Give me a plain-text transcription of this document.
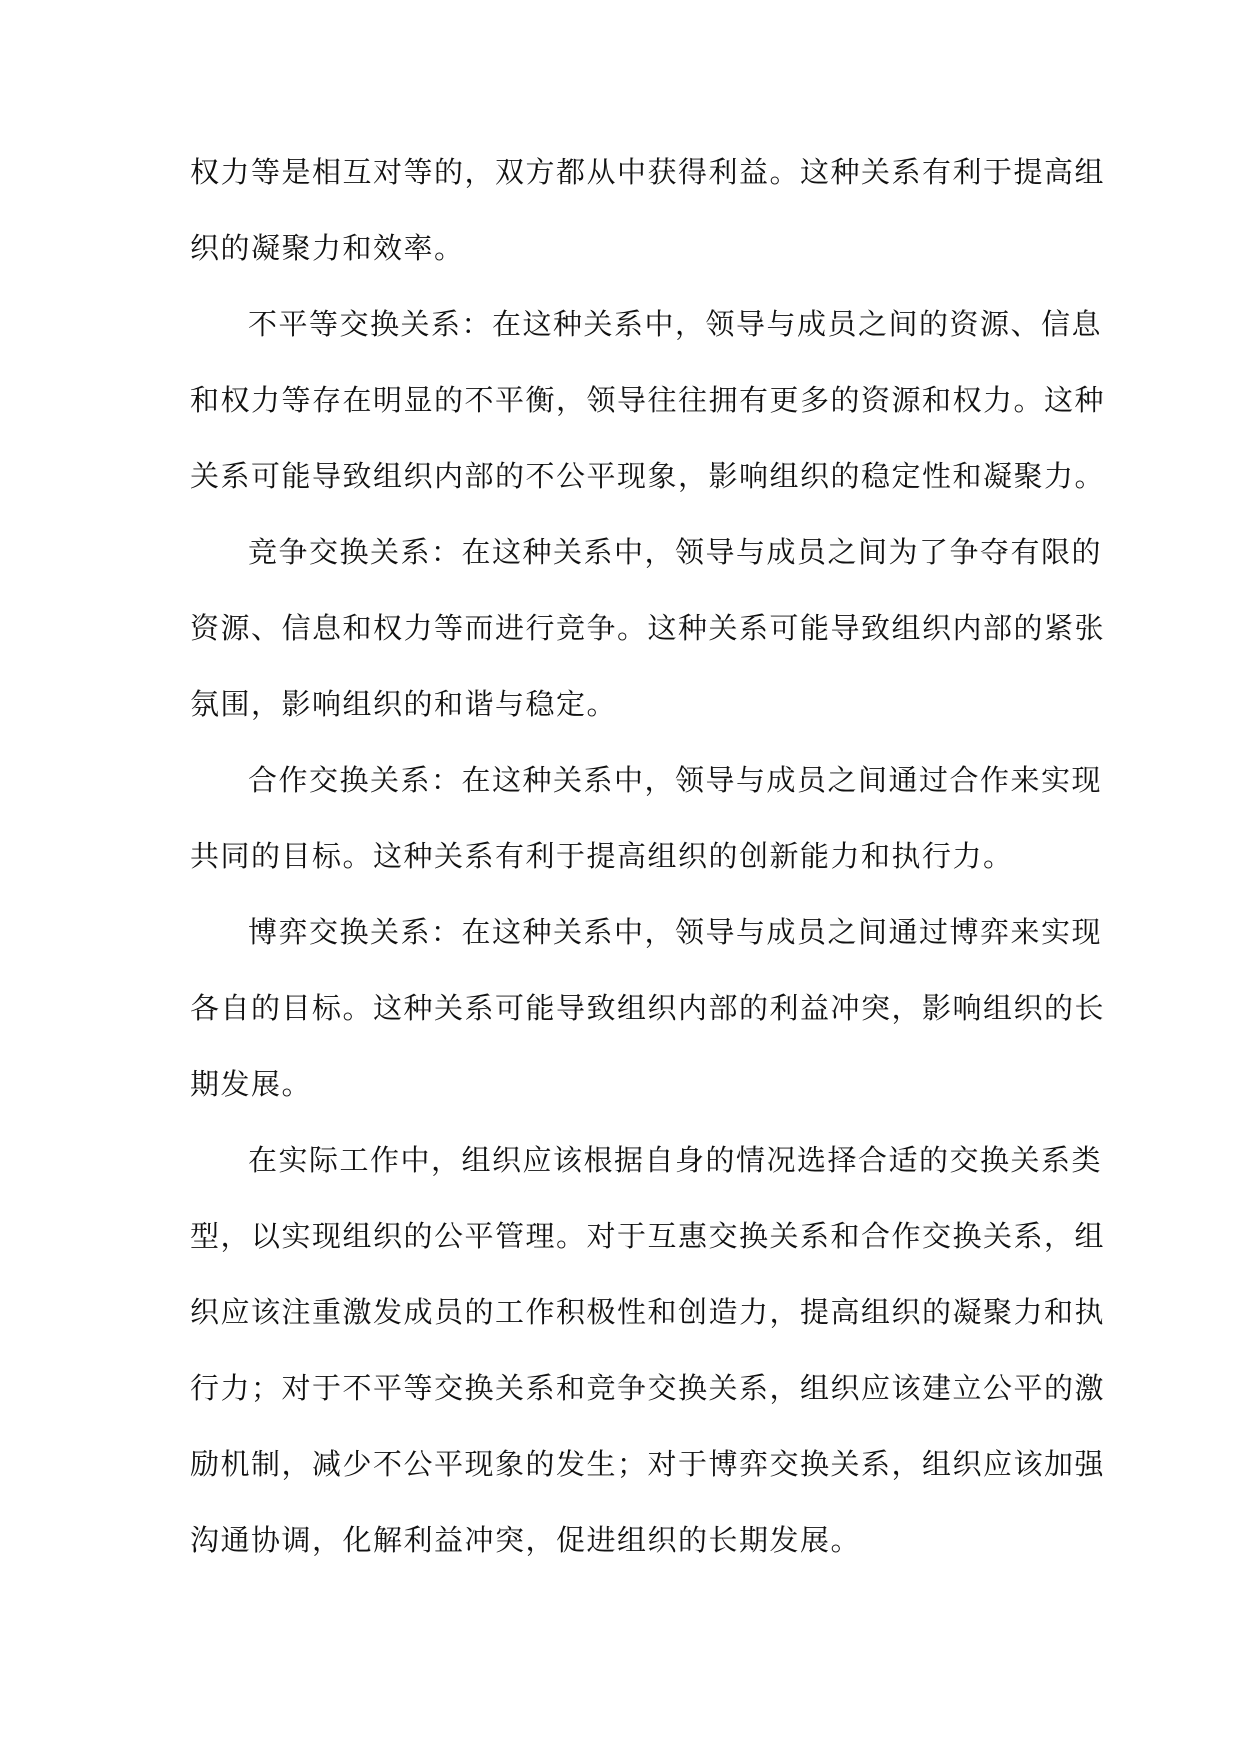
权力等是相互对等的，双方都从中获得利益。这种关系有利于提高组
织的凝聚力和效率。

不平等交换关系：在这种关系中，领导与成员之间的资源、信息
和权力等存在明显的不平衡，领导往往拥有更多的资源和权力。这种
关系可能导致组织内部的不公平现象，影响组织的稳定性和凝聚力。

竞争交换关系：在这种关系中，领导与成员之间为了争夺有限的
资源、信息和权力等而进行竞争。这种关系可能导致组织内部的紧张
氛围，影响组织的和谐与稳定。

合作交换关系：在这种关系中，领导与成员之间通过合作来实现
共同的目标。这种关系有利于提高组织的创新能力和执行力。

博弈交换关系：在这种关系中，领导与成员之间通过博弈来实现
各自的目标。这种关系可能导致组织内部的利益冲突，影响组织的长
期发展。

在实际工作中，组织应该根据自身的情况选择合适的交换关系类
型，以实现组织的公平管理。对于互惠交换关系和合作交换关系，组
织应该注重激发成员的工作积极性和创造力，提高组织的凝聚力和执
行力；对于不平等交换关系和竞争交换关系，组织应该建立公平的激
励机制，减少不公平现象的发生；对于博弈交换关系，组织应该加强
沟通协调，化解利益冲突，促进组织的长期发展。
